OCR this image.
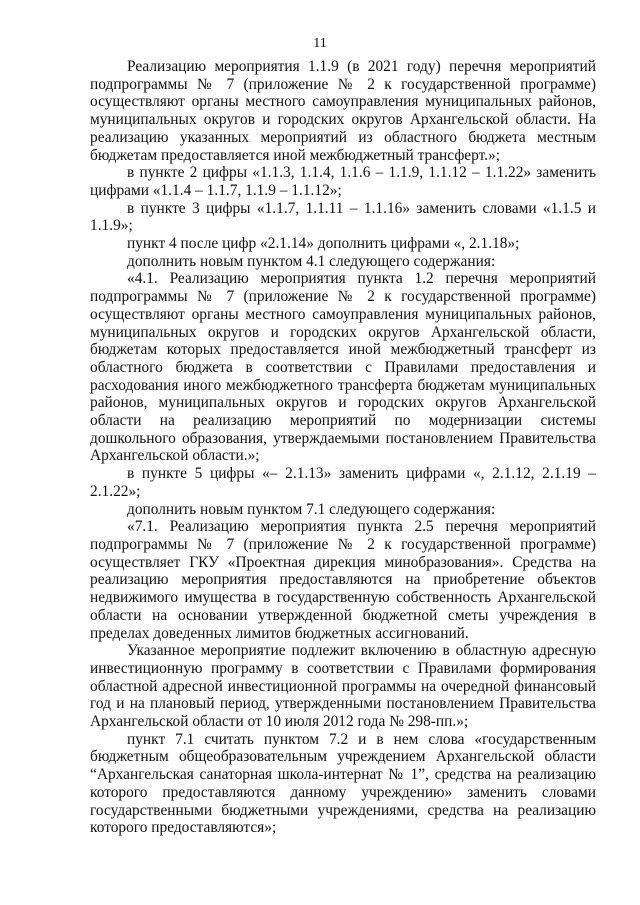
11

Реализацию мероприятия 1.1.9 (в 2021 году) перечня мероприятий подпрограммы № 7 (приложение № 2 к государственной программе) осуществляют органы местного самоуправления муниципальных районов, муниципальных округов и городских округов Архангельской области. На реализацию указанных мероприятий из областного бюджета местным бюджетам предоставляется иной межбюджетный трансферт.»;

в пункте 2 цифры «1.1.3, 1.1.4, 1.1.6 – 1.1.9, 1.1.12 – 1.1.22» заменить цифрами «1.1.4 – 1.1.7, 1.1.9 – 1.1.12»;

в пункте 3 цифры «1.1.7, 1.1.11 – 1.1.16» заменить словами «1.1.5 и 1.1.9»;

пункт 4 после цифр «2.1.14» дополнить цифрами «, 2.1.18»;

дополнить новым пунктом 4.1 следующего содержания:

«4.1. Реализацию мероприятия пункта 1.2 перечня мероприятий подпрограммы № 7 (приложение № 2 к государственной программе) осуществляют органы местного самоуправления муниципальных районов, муниципальных округов и городских округов Архангельской области, бюджетам которых предоставляется иной межбюджетный трансферт из областного бюджета в соответствии с Правилами предоставления и расходования иного межбюджетного трансферта бюджетам муниципальных районов, муниципальных округов и городских округов Архангельской области на реализацию мероприятий по модернизации системы дошкольного образования, утверждаемыми постановлением Правительства Архангельской области.»;

в пункте 5 цифры «– 2.1.13» заменить цифрами «, 2.1.12, 2.1.19 – 2.1.22»;

дополнить новым пунктом 7.1 следующего содержания:

«7.1. Реализацию мероприятия пункта 2.5 перечня мероприятий подпрограммы № 7 (приложение № 2 к государственной программе) осуществляет ГКУ «Проектная дирекция минобразования». Средства на реализацию мероприятия предоставляются на приобретение объектов недвижимого имущества в государственную собственность Архангельской области на основании утвержденной бюджетной сметы учреждения в пределах доведенных лимитов бюджетных ассигнований.

Указанное мероприятие подлежит включению в областную адресную инвестиционную программу в соответствии с Правилами формирования областной адресной инвестиционной программы на очередной финансовый год и на плановый период, утвержденными постановлением Правительства Архангельской области от 10 июля 2012 года № 298-пп.»;

пункт 7.1 считать пунктом 7.2 и в нем слова «государственным бюджетным общеобразовательным учреждением Архангельской области “Архангельская санаторная школа-интернат № 1”, средства на реализацию которого предоставляются данному учреждению» заменить словами государственными бюджетными учреждениями, средства на реализацию которого предоставляются»;
